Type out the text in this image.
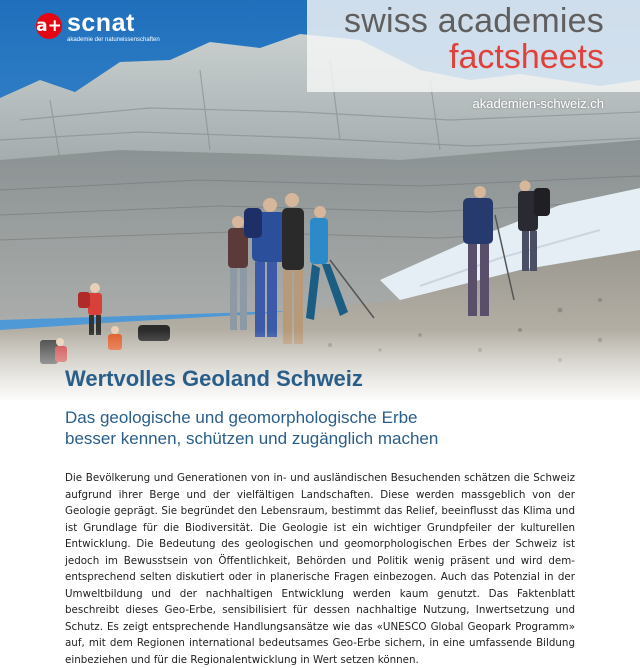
a+ scnat
akademie der naturwissenschaften	swiss academies
factsheets
akademien-schweiz.ch
Wertvolles Geoland Schweiz
Das geologische und geomorphologische Erbe
besser kennen, schützen und zugänglich machen

Die Bevölkerung und Generationen von in- und ausländischen Besuchenden schätzen die Schweiz aufgrund ihrer Berge und der vielfältigen Landschaften. Diese werden massgeblich von der Geologie geprägt. Sie begründet den Lebensraum, bestimmt das Relief, beeinflusst das Klima und ist Grundlage für die Biodiversität. Die Geologie ist ein wichtiger Grundpfeiler der kulturellen Entwicklung. Die Bedeutung des geologischen und geomorphologischen Erbes der Schweiz ist jedoch im Bewusstsein von Öffentlichkeit, Behörden und Politik wenig präsent und wird dem-entsprechend selten diskutiert oder in planerische Fragen einbezogen. Auch das Potenzial in der Umweltbildung und der nachhaltigen Entwicklung werden kaum genutzt. Das Faktenblatt beschreibt dieses Geo-Erbe, sensibilisiert für dessen nachhaltige Nutzung, Inwertsetzung und Schutz. Es zeigt entsprechende Handlungsansätze wie das «UNESCO Global Geopark Programm» auf, mit dem Regionen international bedeutsames Geo-Erbe sichern, in eine umfassende Bildung einbeziehen und für die Regionalentwicklung in Wert setzen können.
